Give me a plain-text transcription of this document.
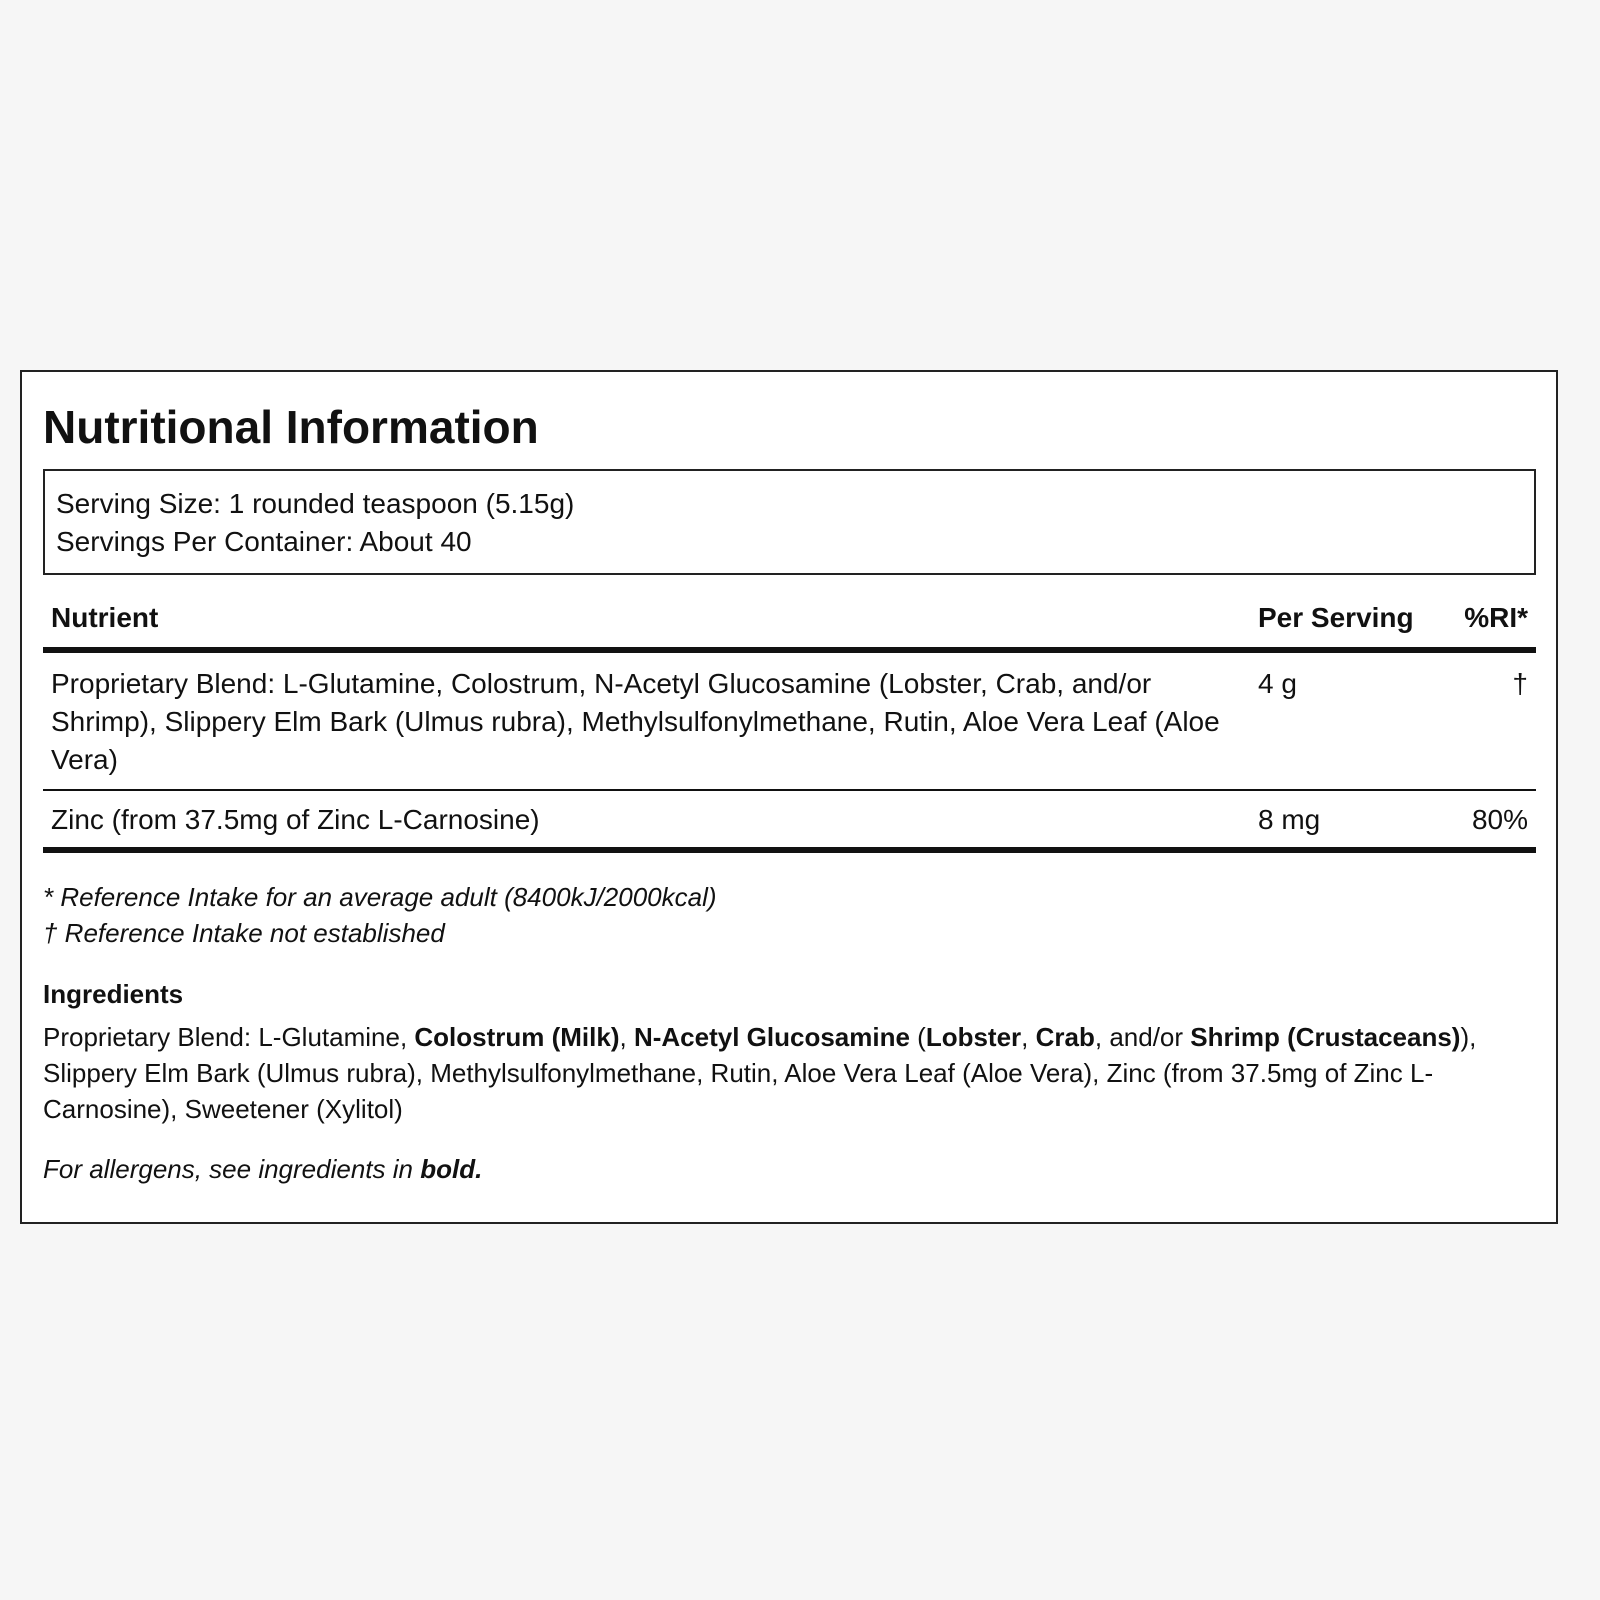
Nutritional Information
Serving Size: 1 rounded teaspoon (5.15g)
Servings Per Container: About 40
Nutrient	Per Serving	%RI*
Proprietary Blend: L-Glutamine, Colostrum, N-Acetyl Glucosamine (Lobster, Crab, and/or Shrimp), Slippery Elm Bark (Ulmus rubra), Methylsulfonylmethane, Rutin, Aloe Vera Leaf (Aloe Vera)	4 g	†
Zinc (from 37.5mg of Zinc L-Carnosine)	8 mg	80%
* Reference Intake for an average adult (8400kJ/2000kcal)
† Reference Intake not established
Ingredients
Proprietary Blend: L-Glutamine, Colostrum (Milk), N-Acetyl Glucosamine (Lobster, Crab, and/or Shrimp (Crustaceans)), Slippery Elm Bark (Ulmus rubra), Methylsulfonylmethane, Rutin, Aloe Vera Leaf (Aloe Vera), Zinc (from 37.5mg of Zinc L-Carnosine), Sweetener (Xylitol)
For allergens, see ingredients in bold.
